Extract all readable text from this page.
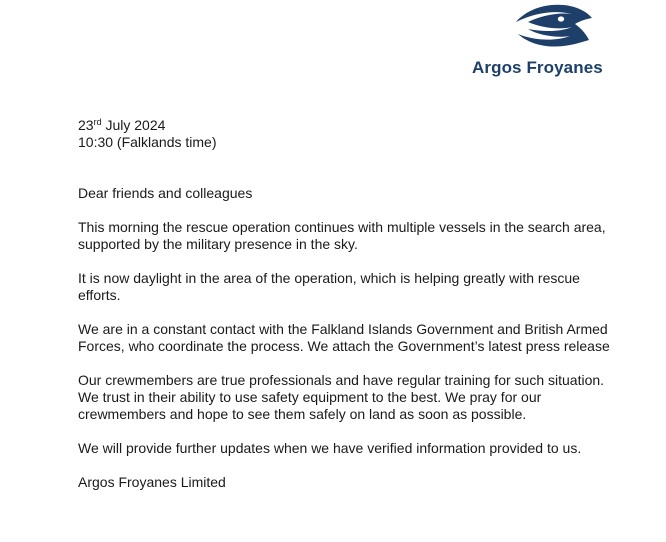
Argos Froyanes

23rd July 2024

10:30 (Falklands time)

Dear friends and colleagues

This morning the rescue operation continues with multiple vessels in the search area, supported by the military presence in the sky.

It is now daylight in the area of the operation, which is helping greatly with rescue efforts.

We are in a constant contact with the Falkland Islands Government and British Armed Forces, who coordinate the process. We attach the Government’s latest press release

Our crewmembers are true professionals and have regular training for such situation. We trust in their ability to use safety equipment to the best. We pray for our crewmembers and hope to see them safely on land as soon as possible.

We will provide further updates when we have verified information provided to us.

Argos Froyanes Limited
